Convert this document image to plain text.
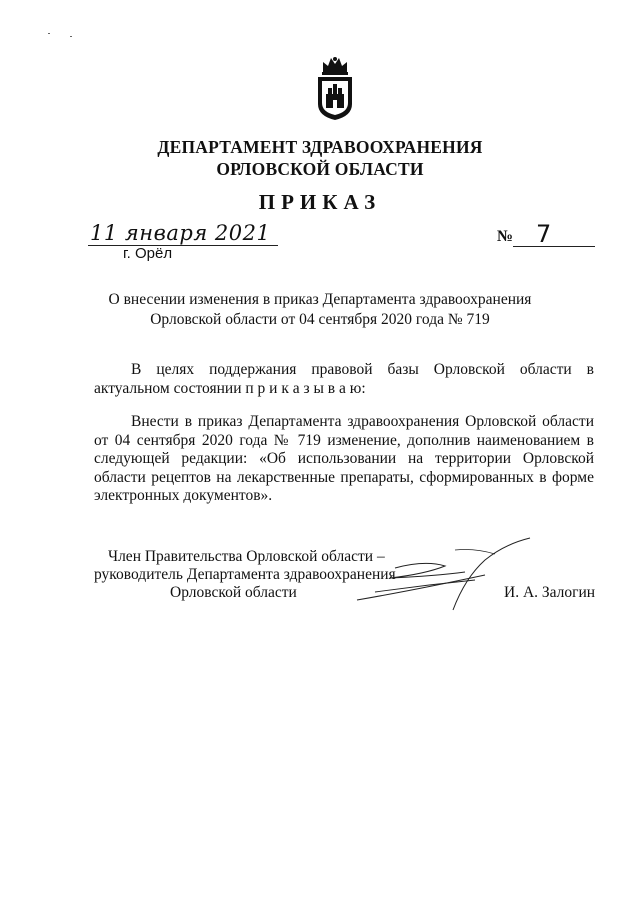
ДЕПАРТАМЕНТ ЗДРАВООХРАНЕНИЯ
ОРЛОВСКОЙ ОБЛАСТИ
ПРИКАЗ
11 января 2021
г. Орёл
№ 7
О внесении изменения в приказ Департамента здравоохранения
Орловской области от 04 сентября 2020 года № 719
В целях поддержания правовой базы Орловской области в актуальном состоянии п р и к а з ы в а ю:
Внести в приказ Департамента здравоохранения Орловской области от 04 сентября 2020 года № 719 изменение, дополнив наименованием в следующей редакции: «Об использовании на территории Орловской области рецептов на лекарственные препараты, сформированных в форме электронных документов».
Член Правительства Орловской области –
руководитель Департамента здравоохранения
Орловской области	И. А. Залогин
